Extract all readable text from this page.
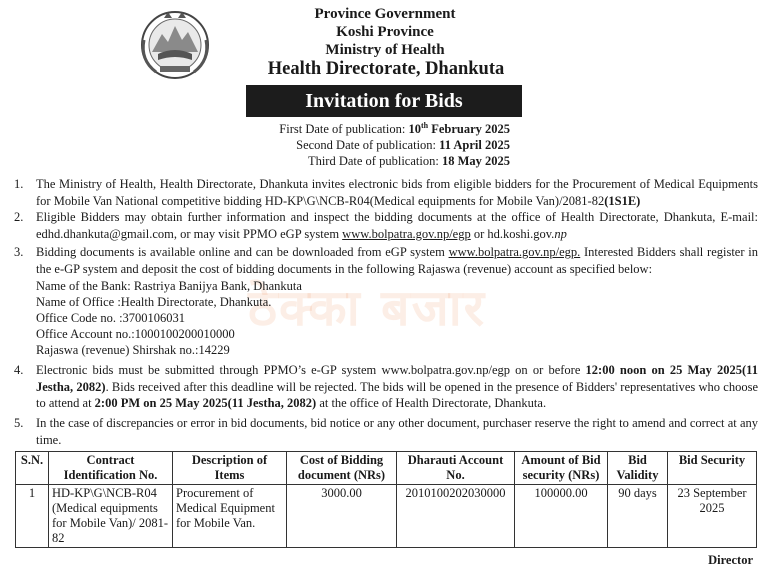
Province Government
Koshi Province
Ministry of Health
Health Directorate, Dhankuta
Invitation for Bids
First Date of publication: 10th February 2025
Second Date of publication: 11 April 2025
Third Date of publication: 18 May 2025
1. The Ministry of Health, Health Directorate, Dhankuta invites electronic bids from eligible bidders for the Procurement of Medical Equipments for Mobile Van National competitive bidding HD-KP\G\NCB-R04(Medical equipments for Mobile Van)/2081-82(1S1E)
2. Eligible Bidders may obtain further information and inspect the bidding documents at the office of Health Directorate, Dhankuta, E-mail: edhd.dhankuta@gmail.com, or may visit PPMO eGP system www.bolpatra.gov.np/egp or hd.koshi.gov.np
3. Bidding documents is available online and can be downloaded from eGP system www.bolpatra.gov.np/egp. Interested Bidders shall register in the e-GP system and deposit the cost of bidding documents in the following Rajaswa (revenue) account as specified below:
ठेक्का बजार
Name of the Bank: Rastriya Banijya Bank, Dhankuta
Name of Office :Health Directorate, Dhankuta.
Office Code no. :3700106031
Office Account no.:1000100200010000
Rajaswa (revenue) Shirshak no.:14229
4. Electronic bids must be submitted through PPMO’s e-GP system www.bolpatra.gov.np/egp on or before 12:00 noon on 25 May 2025(11 Jestha, 2082). Bids received after this deadline will be rejected. The bids will be opened in the presence of Bidders' representatives who choose to attend at 2:00 PM on 25 May 2025(11 Jestha, 2082) at the office of Health Directorate, Dhankuta.
5. In the case of discrepancies or error in bid documents, bid notice or any other document, purchaser reserve the right to amend and correct at any time.
S.N.	Contract Identification No.	Description of Items	Cost of Bidding document (NRs)	Dharauti Account No.	Amount of Bid security (NRs)	Bid Validity	Bid Security
1	HD-KP\G\NCB-R04 (Medical equipments for Mobile Van)/ 2081-82	Procurement of Medical Equipment for Mobile Van.	3000.00	2010100202030000	100000.00	90 days	23 September 2025
Director
